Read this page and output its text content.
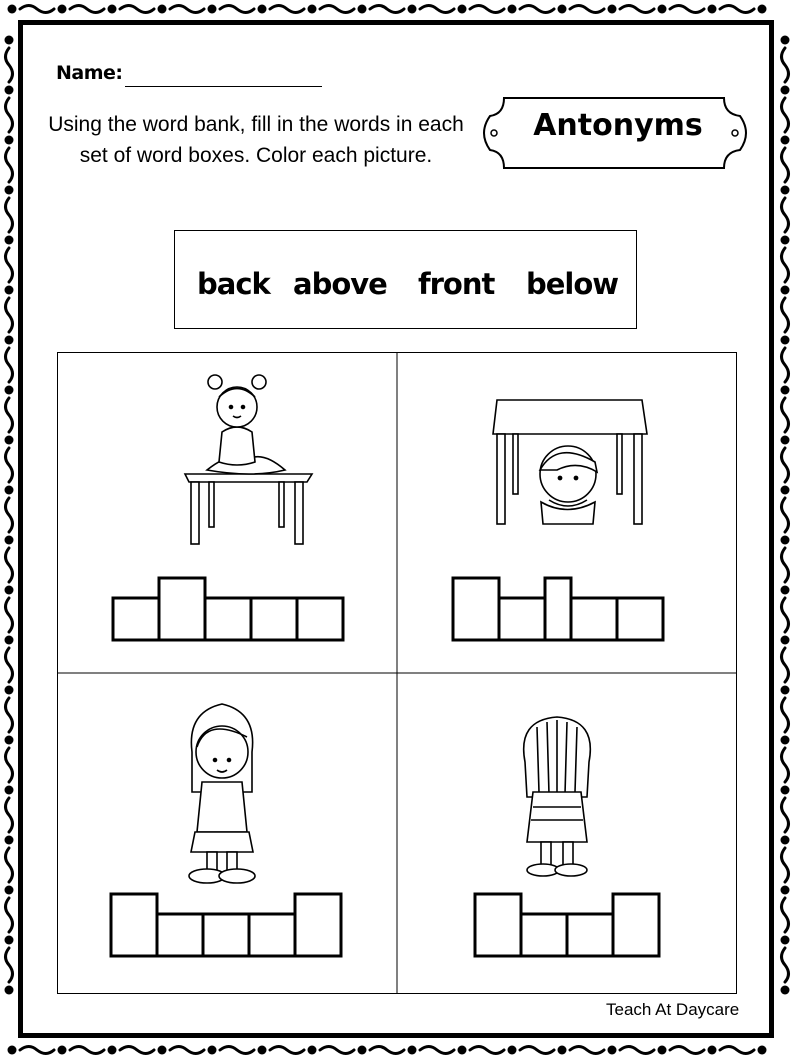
Name:
Using the word bank, fill in the words in each set of word boxes. Color each picture.
Antonyms
back above front below
Teach At Daycare
